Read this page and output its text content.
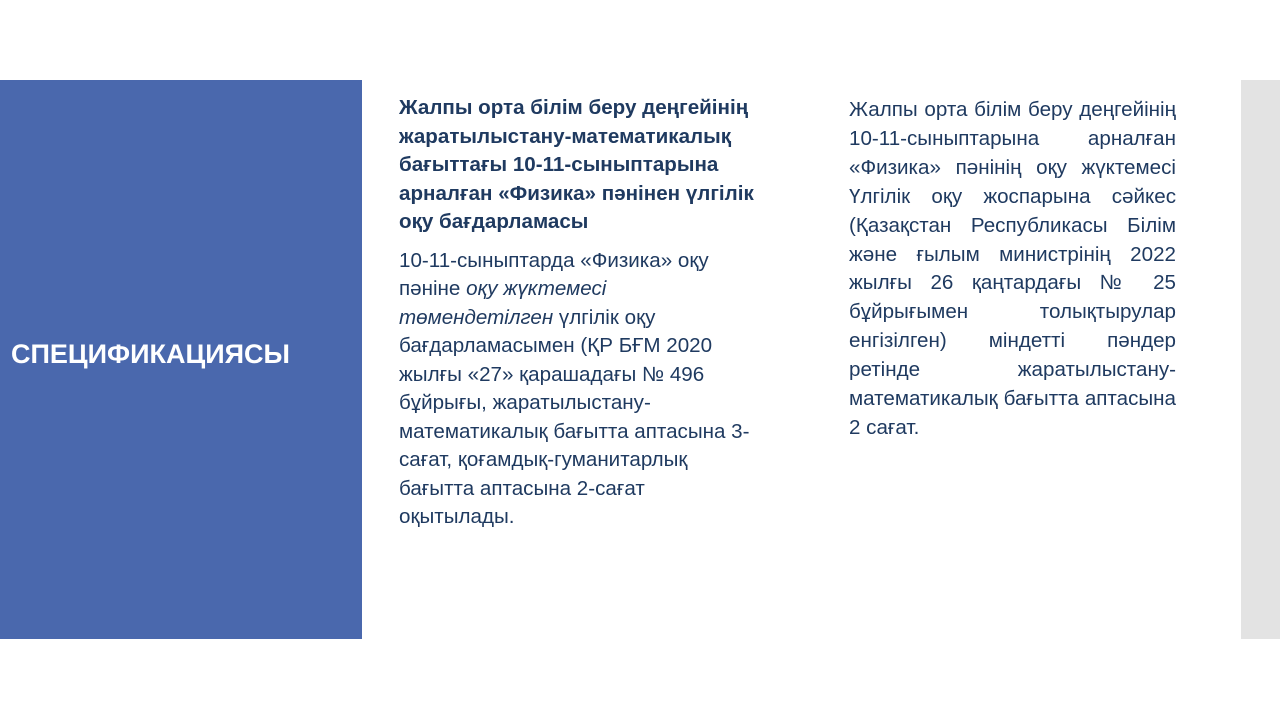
СПЕЦИФИКАЦИЯСЫ

Жалпы орта білім беру деңгейінің жаратылыстану-математикалық бағыттағы 10-11-сыныптарына арналған «Физика» пәнінен үлгілік оқу бағдарламасы

10-11-сыныптарда «Физика» оқу пәніне оқу жүктемесі төмендетілген үлгілік оқу бағдарламасымен (ҚР БҒМ 2020 жылғы «27» қарашадағы № 496 бұйрығы, жаратылыстану-математикалық бағытта аптасына 3-сағат, қоғамдық-гуманитарлық бағытта аптасына 2-сағат оқытылады.

Жалпы орта білім беру деңгейінің 10-11-сыныптарына арналған «Физика» пәнінің оқу жүктемесі Үлгілік оқу жоспарына сәйкес (Қазақстан Республикасы Білім және ғылым министрінің 2022 жылғы 26 қаңтардағы № 25 бұйрығымен толықтырулар енгізілген) міндетті пәндер ретінде жаратылыстану-математикалық бағытта аптасына 2 сағат.
